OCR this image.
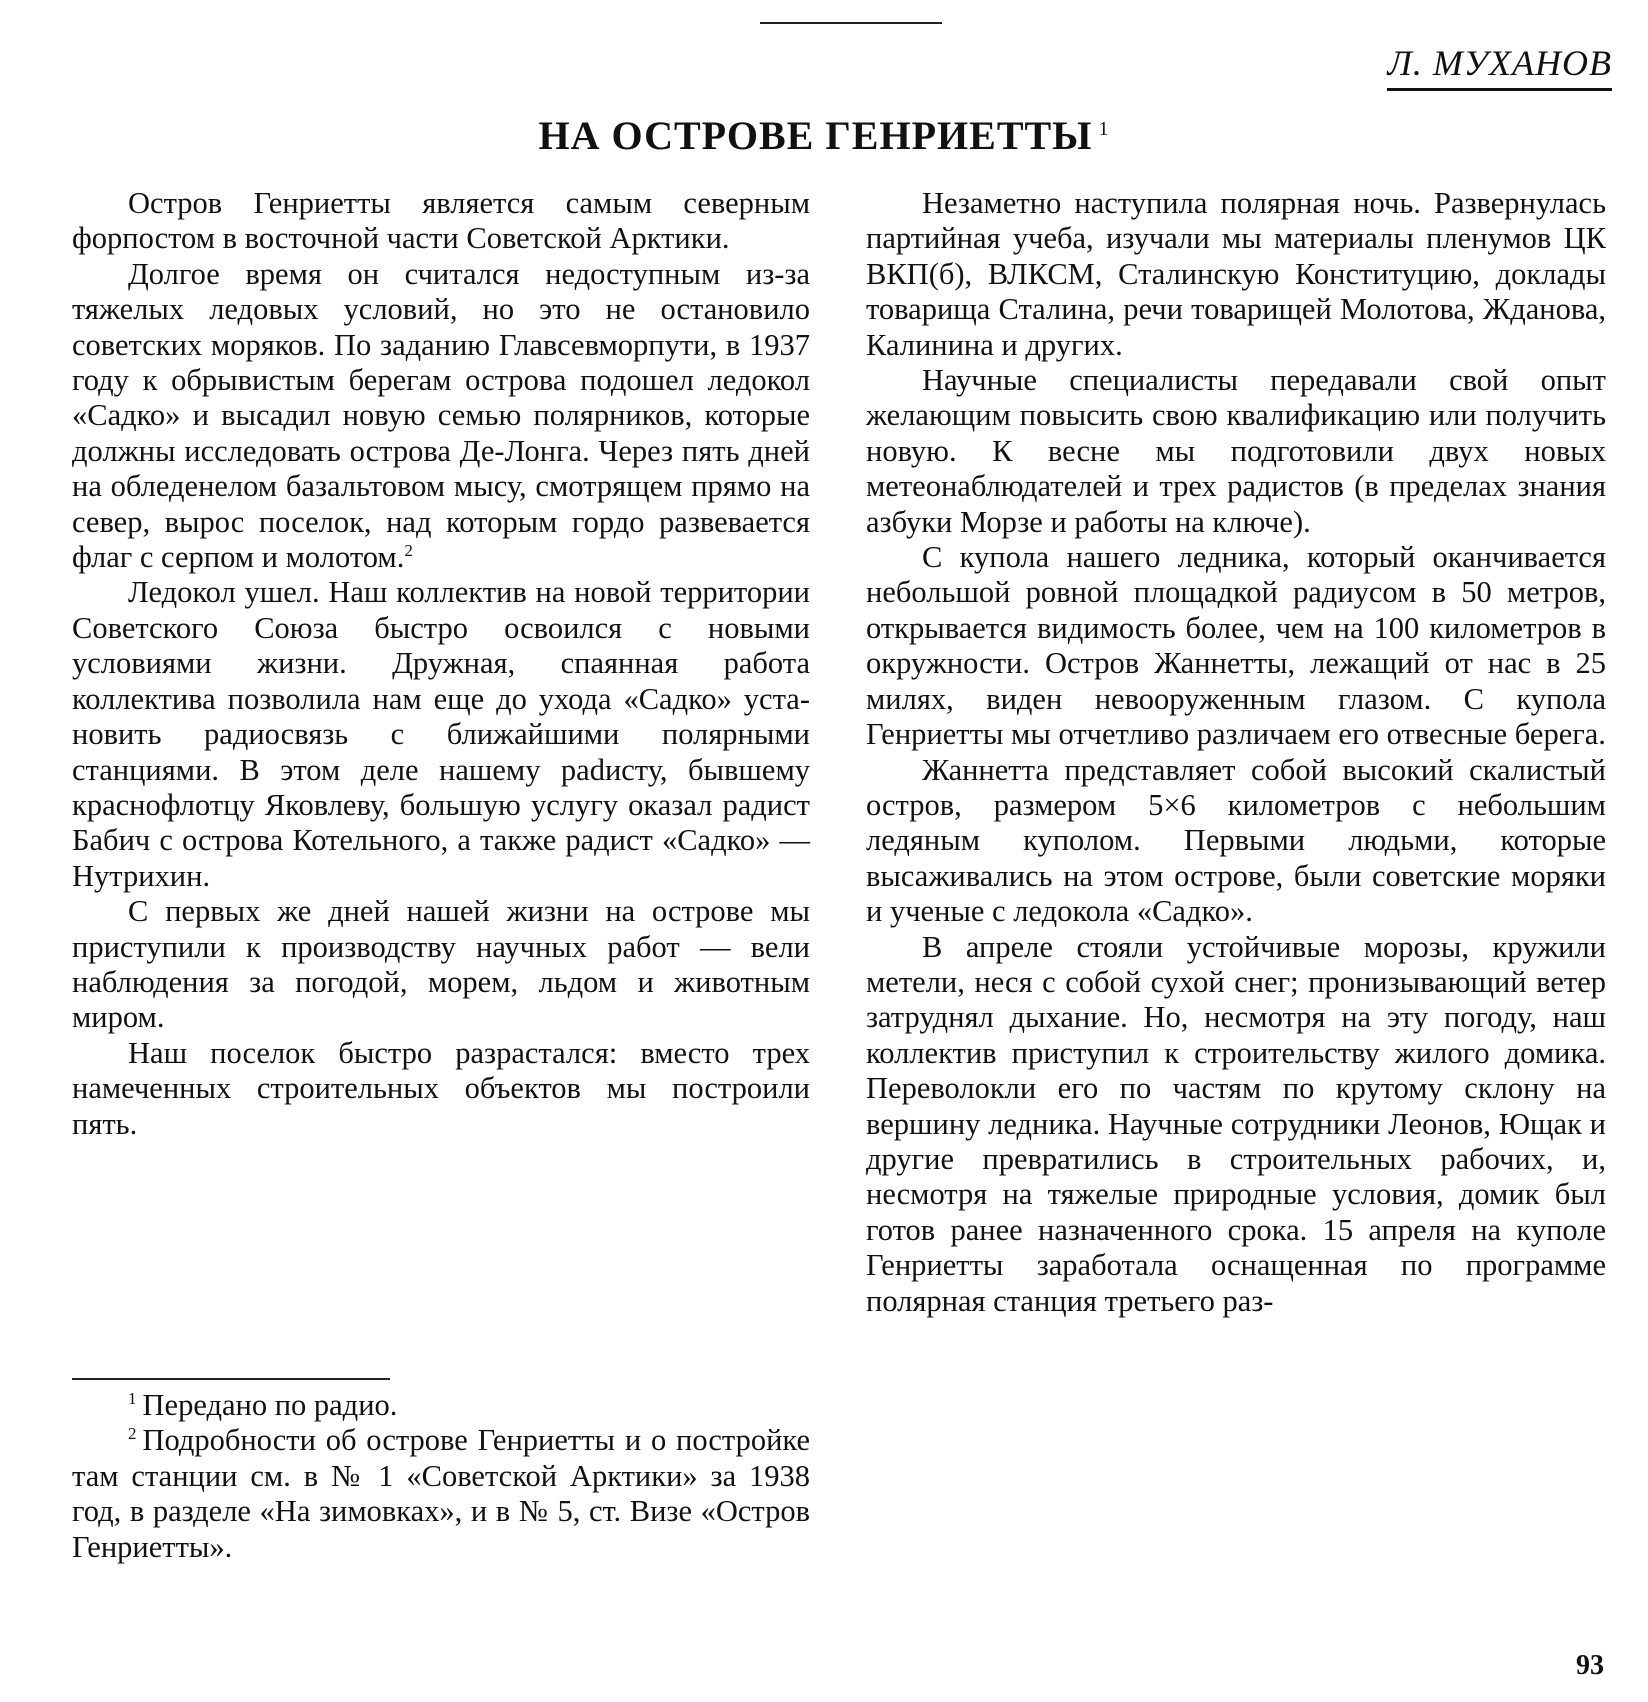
Л. МУХАНОВ
НА ОСТРОВЕ ГЕНРИЕТТЫ $^1$

Остров Генриетты является самым северным форпостом в восточной части Советской Арктики.

Долгое время он считался недоступным из-за тяжелых ледовых условий, но это не остановило советских моряков. По заданию Главсевморпути, в 1937 году к обрывистым берегам острова подошел ледокол «Садко» и высадил новую семью полярников, которые должны исследовать острова Де-Лонга. Через пять дней на обледенелом базальтовом мысу, смотрящем прямо на север, вырос поселок, над которым гордо развевается флаг с серпом и молотом.$^2$

Ледокол ушел. Наш коллектив на новой территории Советского Союза быстро освоился с новыми условиями жизни. Дружная, спаянная работа коллектива позволила нам еще до ухода «Садко» установить радиосвязь с ближайшими полярными станциями. В этом деле нашему раdисту, бывшему краснофлотцу Яковлеву, большую услугу оказал радист Бабич с острова Котельного, а также радист «Садко» — Нутрихин.

С первых же дней нашей жизни на острове мы приступили к производству научных работ — вели наблюдения за погодой, морем, льдом и животным миром.

Наш поселок быстро разрастался: вместо трех намеченных строительных объектов мы построили пять.

Незаметно наступила полярная ночь. Развернулась партийная учеба, изучали мы материалы пленумов ЦК ВКП(б), ВЛКСМ, Сталинскую Конституцию, доклады товарища Сталина, речи товарищей Молотова, Жданова, Калинина и других.

Научные специалисты передавали свой опыт желающим повысить свою квалификацию или получить новую. К весне мы подготовили двух новых метеонаблюдателей и трех радистов (в пределах знания азбуки Морзе и работы на ключе).

С купола нашего ледника, который оканчивается небольшой ровной площадкой радиусом в 50 метров, открывается видимость более, чем на 100 километров в окружности. Остров Жаннетты, лежащий от нас в 25 милях, виден невооруженным глазом. С купола Генриетты мы отчетливо различаем его отвесные берега.

Жаннетта представляет собой высокий скалистый остров, размером 5×6 километров с небольшим ледяным куполом. Первыми людьми, которые высаживались на этом острове, были советские моряки и ученые с ледокола «Садко».

В апреле стояли устойчивые морозы, кружили метели, неся с собой сухой снег; пронизывающий ветер затруднял дыхание. Но, несмотря на эту погоду, наш коллектив приступил к строительству жилого домика. Переволокли его по частям по крутому склону на вершину ледника. Научные сотрудники Леонов, Ющак и другие превратились в строительных рабочих, и, несмотря на тяжелые природные условия, домик был готов ранее назначенного срока. 15 апреля на куполе Генриетты заработала оснащенная по программе полярная станция третьего раз-

$^1$ Передано по радио.

$^2$ Подробности об острове Генриетты и о постройке там станции см. в № 1 «Советской Арктики» за 1938 год, в разделе «На зимовках», и в № 5, ст. Визе «Остров Генриетты».

93
